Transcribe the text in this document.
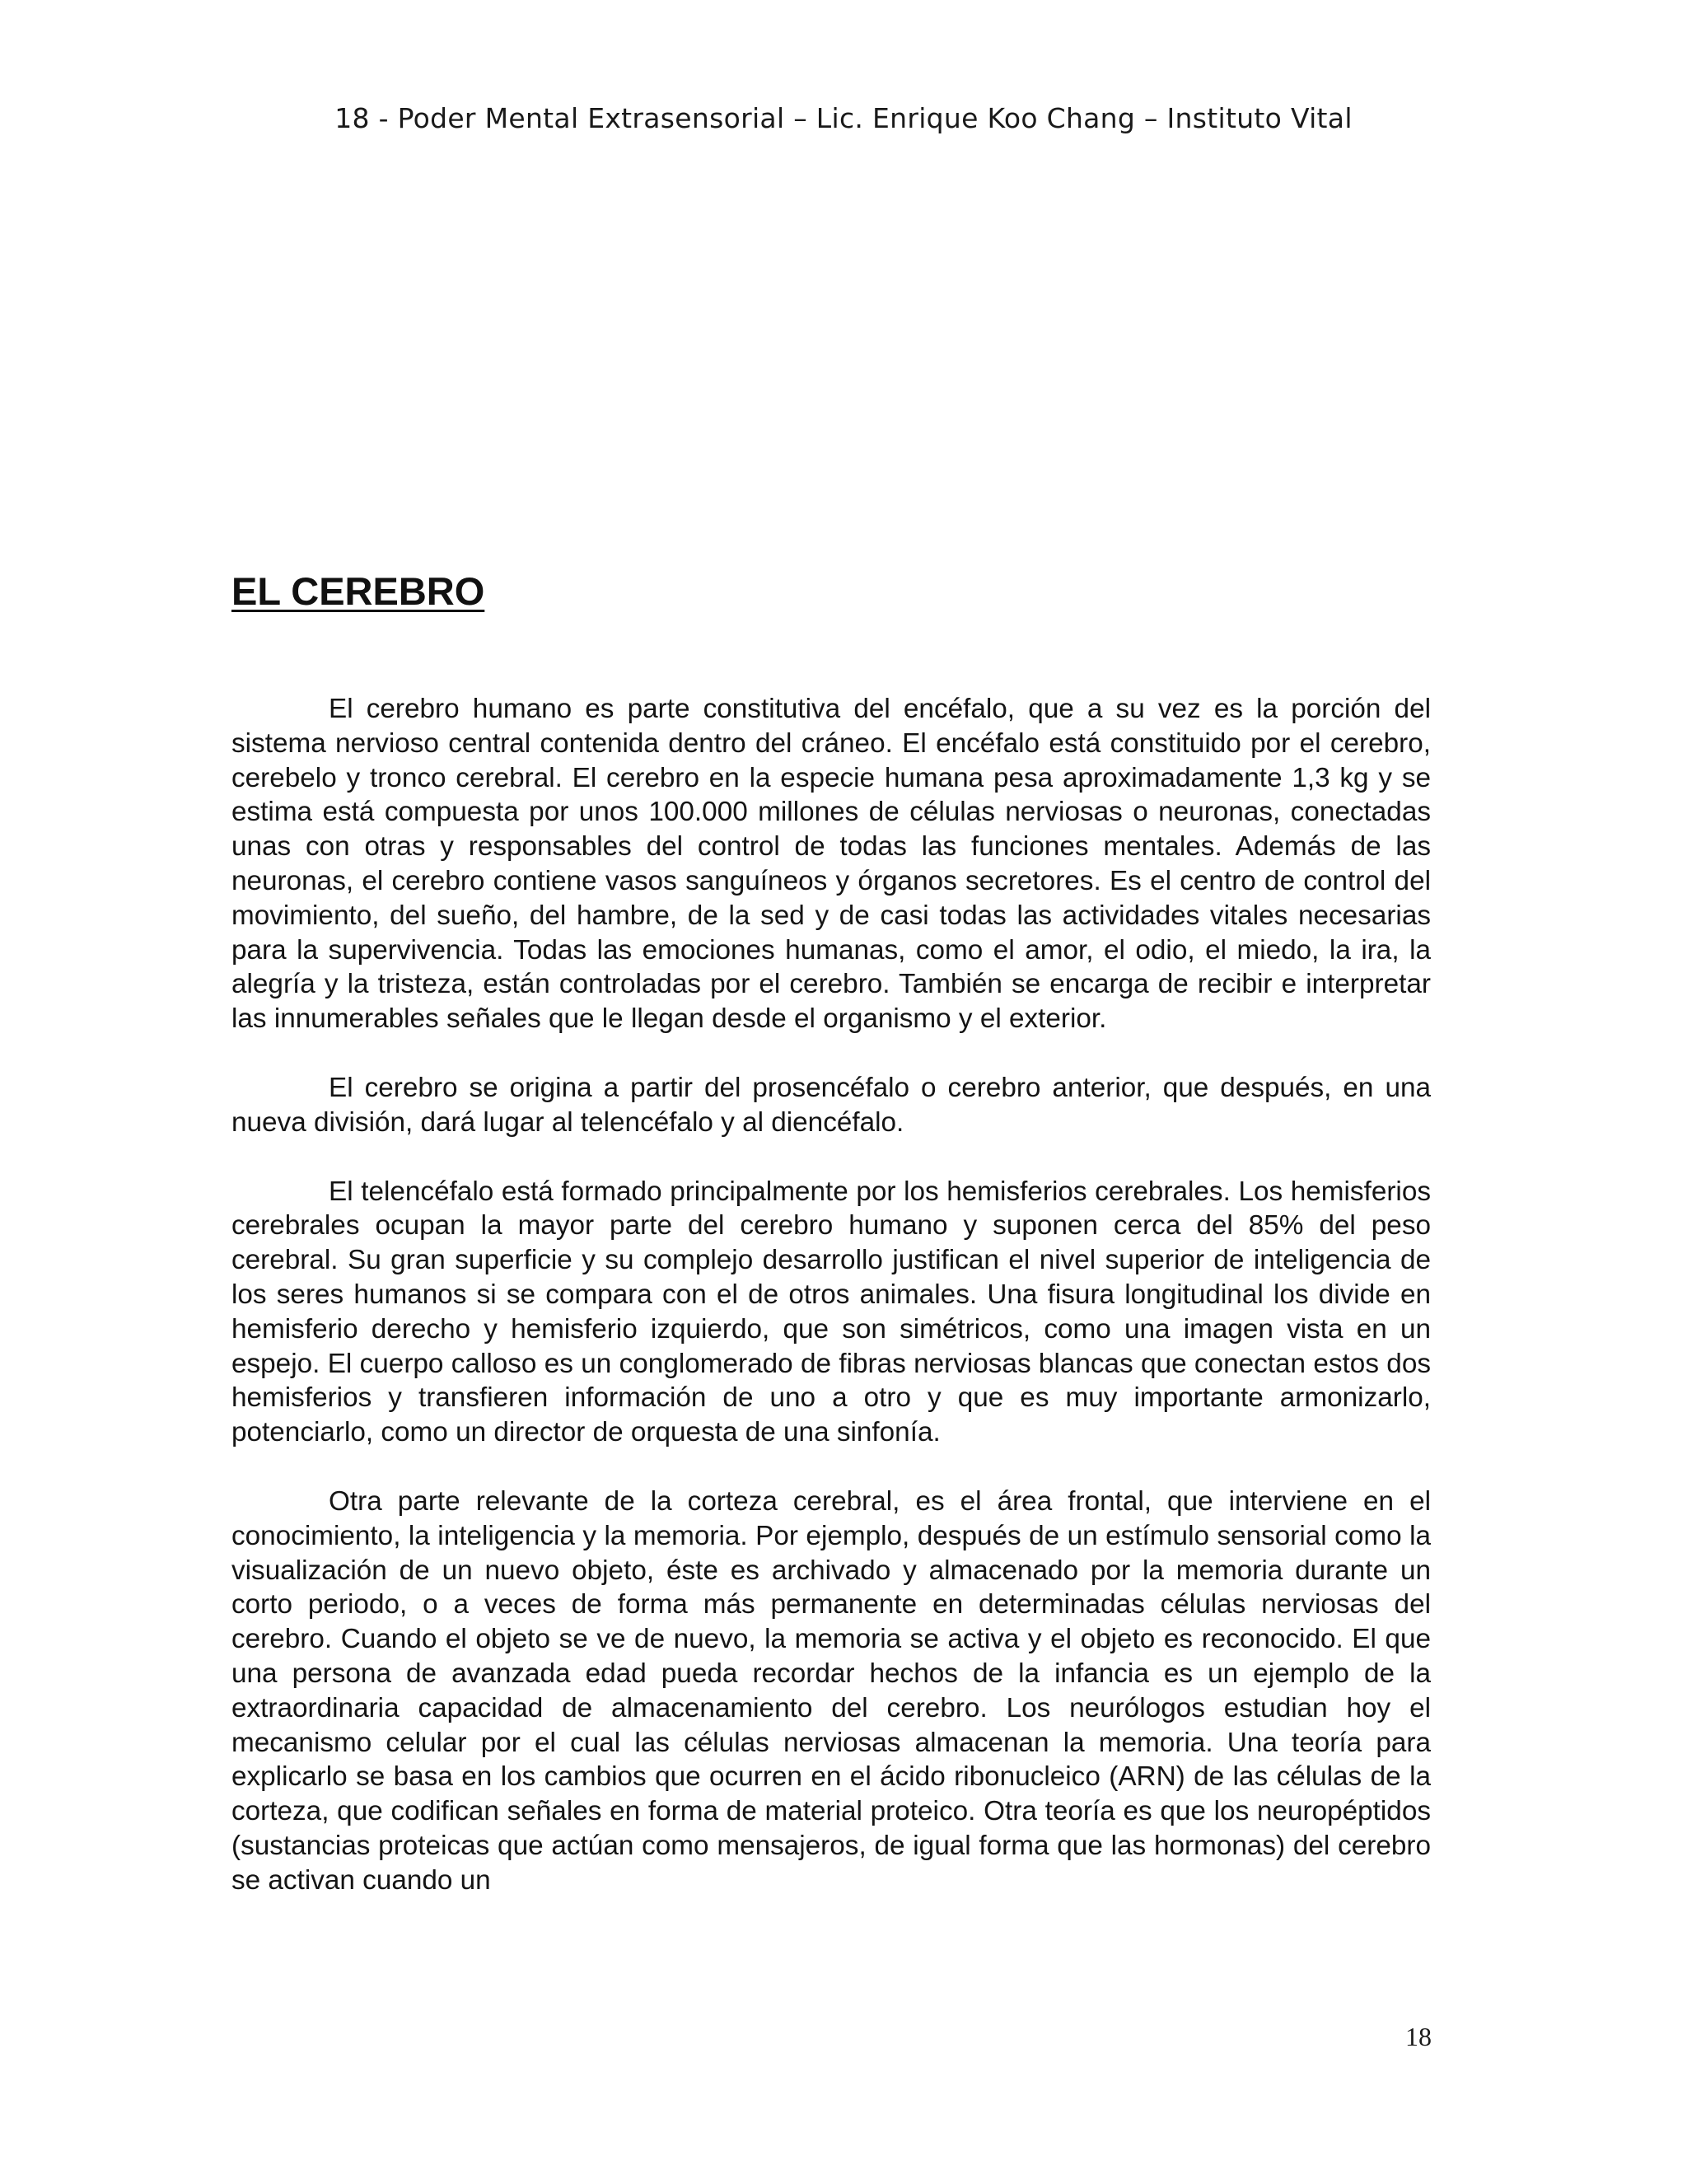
18 - Poder Mental Extrasensorial – Lic. Enrique Koo Chang – Instituto Vital
EL CEREBRO

El cerebro humano es parte constitutiva del encéfalo, que a su vez es la porción del sistema nervioso central contenida dentro del cráneo. El encéfalo está constituido por el cerebro, cerebelo y tronco cerebral. El cerebro en la especie humana pesa aproximadamente 1,3 kg y se estima está compuesta por unos 100.000 millones de células nerviosas o neuronas, conectadas unas con otras y responsables del control de todas las funciones mentales. Además de las neuronas, el cerebro contiene vasos sanguíneos y órganos secretores. Es el centro de control del movimiento, del sueño, del hambre, de la sed y de casi todas las actividades vitales necesarias para la supervivencia. Todas las emociones humanas, como el amor, el odio, el miedo, la ira, la alegría y la tristeza, están controladas por el cerebro. También se encarga de recibir e interpretar las innumerables señales que le llegan desde el organismo y el exterior.

El cerebro se origina a partir del prosencéfalo o cerebro anterior, que después, en una nueva división, dará lugar al telencéfalo y al diencéfalo.

El telencéfalo está formado principalmente por los hemisferios cerebrales. Los hemisferios cerebrales ocupan la mayor parte del cerebro humano y suponen cerca del 85% del peso cerebral. Su gran superficie y su complejo desarrollo justifican el nivel superior de inteligencia de los seres humanos si se compara con el de otros animales. Una fisura longitudinal los divide en hemisferio derecho y hemisferio izquierdo, que son simétricos, como una imagen vista en un espejo. El cuerpo calloso es un conglomerado de fibras nerviosas blancas que conectan estos dos hemisferios y transfieren información de uno a otro y que es muy importante armonizarlo, potenciarlo, como un director de orquesta de una sinfonía.

Otra parte relevante de la corteza cerebral, es el área frontal, que interviene en el conocimiento, la inteligencia y la memoria. Por ejemplo, después de un estímulo sensorial como la visualización de un nuevo objeto, éste es archivado y almacenado por la memoria durante un corto periodo, o a veces de forma más permanente en determinadas células nerviosas del cerebro. Cuando el objeto se ve de nuevo, la memoria se activa y el objeto es reconocido. El que una persona de avanzada edad pueda recordar hechos de la infancia es un ejemplo de la extraordinaria capacidad de almacenamiento del cerebro. Los neurólogos estudian hoy el mecanismo celular por el cual las células nerviosas almacenan la memoria. Una teoría para explicarlo se basa en los cambios que ocurren en el ácido ribonucleico (ARN) de las células de la corteza, que codifican señales en forma de material proteico. Otra teoría es que los neuropéptidos (sustancias proteicas que actúan como mensajeros, de igual forma que las hormonas) del cerebro se activan cuando un

18
